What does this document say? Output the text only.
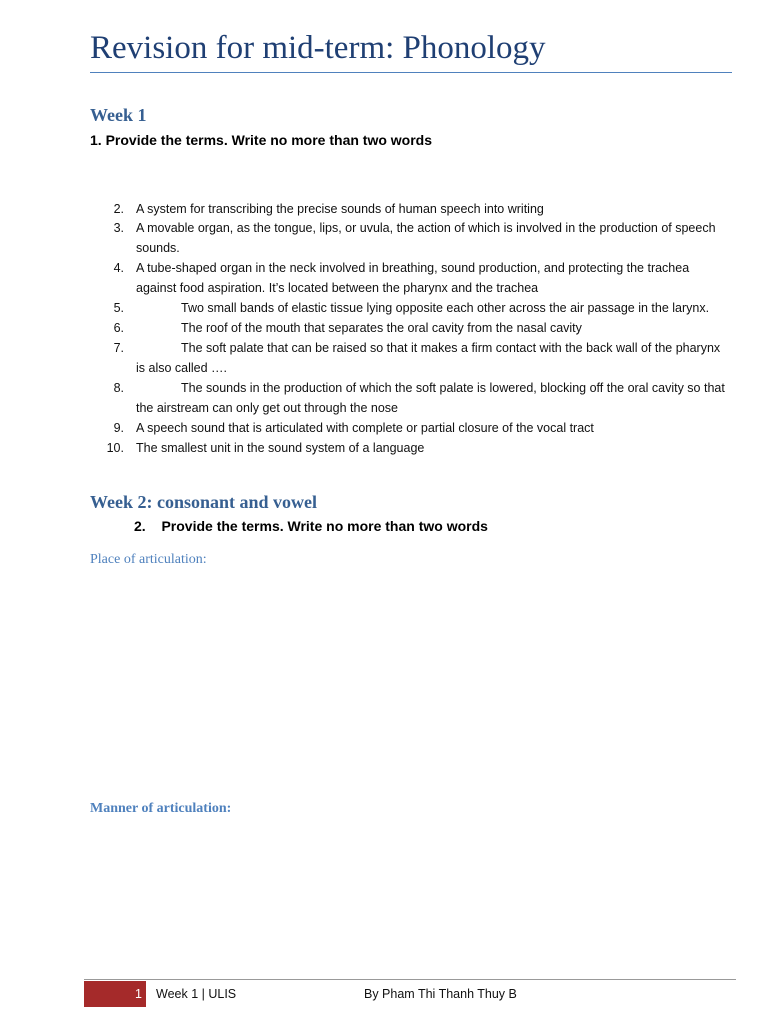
Revision for mid-term: Phonology
Week 1
1. Provide the terms. Write no more than two words
2. A system for transcribing the precise sounds of human speech into writing
3. A movable organ, as the tongue, lips, or uvula, the action of which is involved in the production of speech sounds.
4. A tube-shaped organ in the neck involved in breathing, sound production, and protecting the trachea against food aspiration. It’s located between the pharynx and the trachea
5.	Two small bands of elastic tissue lying opposite each other across the air passage in the larynx.
6.	The roof of the mouth that separates the oral cavity from the nasal cavity
7.	The soft palate that can be raised so that it makes a firm contact with the back wall of the pharynx is also called ….
8.	The sounds in the production of which the soft palate is lowered, blocking off the oral cavity so that the airstream can only get out through the nose
9. A speech sound that is articulated with complete or partial closure of the vocal tract
10. The smallest unit in the sound system of a language
Week 2: consonant and vowel
2. Provide the terms. Write no more than two words
Place of articulation:
Manner of articulation:
1 Week 1 | ULIS	By Pham Thi Thanh Thuy B
